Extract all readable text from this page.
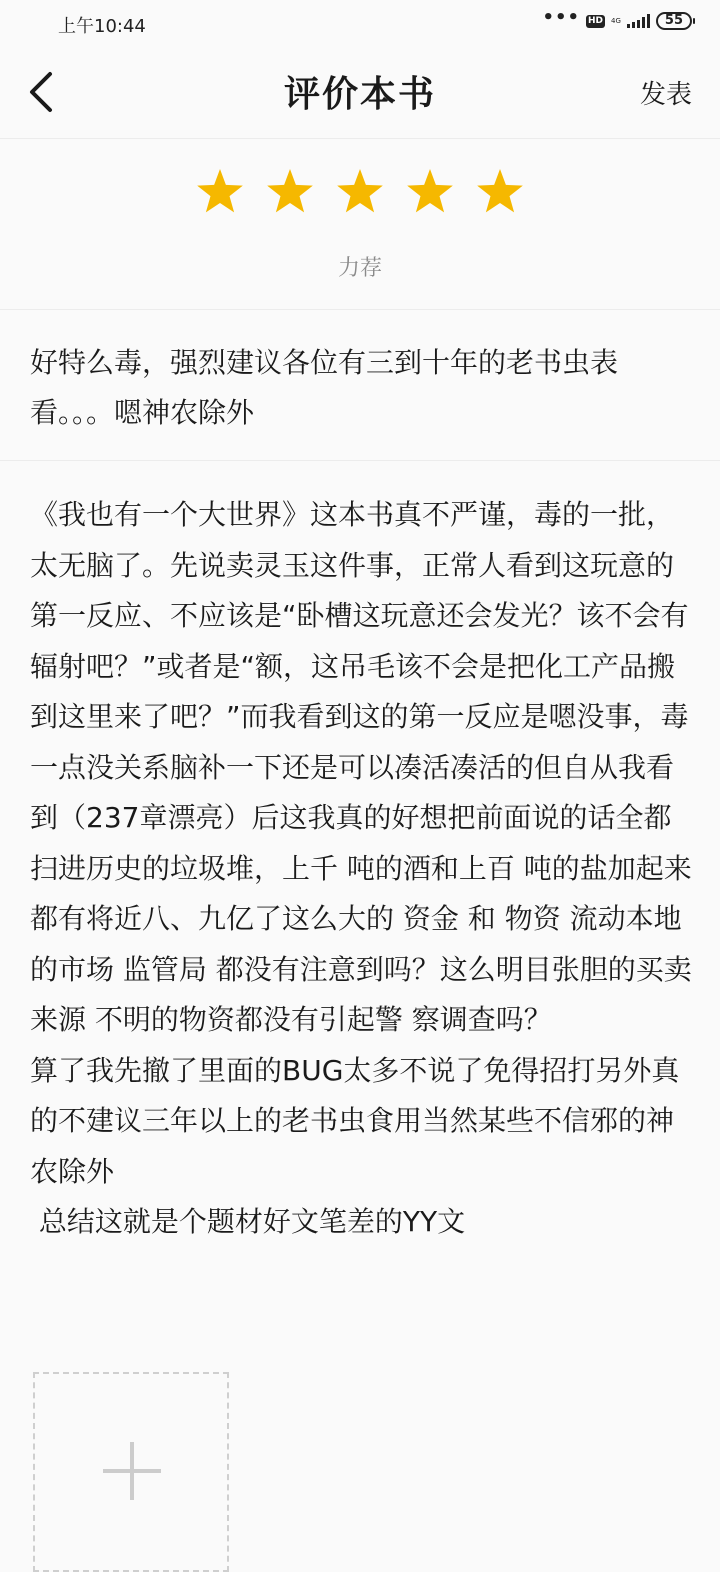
上午10:44	••• HD 4G	55
评价本书	发表
力荐

好特么毒，强烈建议各位有三到十年的老书虫表看。。。嗯神农除外

《我也有一个大世界》这本书真不严谨，毒的一批，太无脑了。先说卖灵玉这件事，正常人看到这玩意的第一反应、不应该是“卧槽这玩意还会发光？该不会有辐射吧？”或者是“额，这吊毛该不会是把化工产品搬到这里来了吧？”而我看到这的第一反应是嗯没事，毒一点没关系脑补一下还是可以凑活凑活的但自从我看到（237章漂亮）后这我真的好想把前面说的话全都扫进历史的垃圾堆，上千 吨的酒和上百 吨的盐加起来都有将近八、九亿了这么大的 资金 和 物资 流动本地的市场 监管局 都没有注意到吗？这么明目张胆的买卖来源 不明的物资都没有引起警 察调查吗？
算了我先撤了里面的BUG太多不说了免得招打另外真的不建议三年以上的老书虫食用当然某些不信邪的神农除外
总结这就是个题材好文笔差的YY文
